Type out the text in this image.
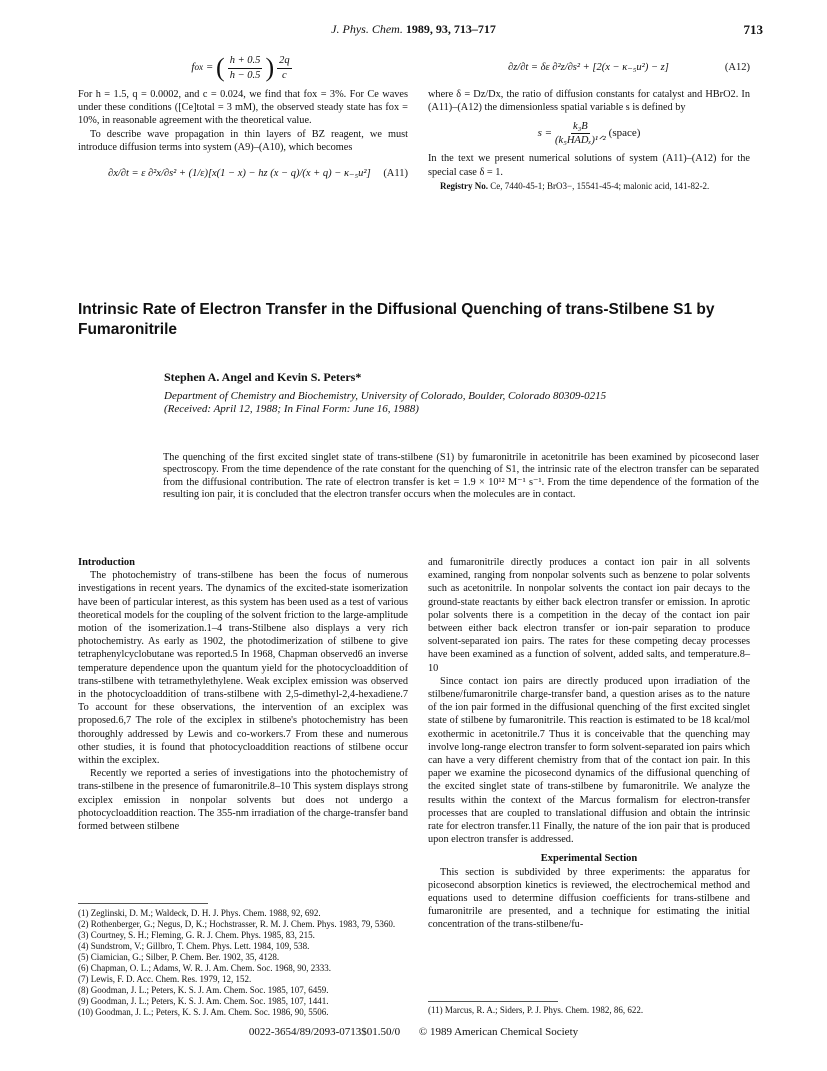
J. Phys. Chem. 1989, 93, 713–717	713
f ox = ( $\frac{h + 0.5}{h - 0.5}$ ) $\frac{2q}{c}$

For h = 1.5, q = 0.0002, and c = 0.024, we find that fox = 3%. For Ce waves under these conditions ([Ce]total = 3 mM), the observed steady state has fox = 10%, in reasonable agreement with the theoretical value.

To describe wave propagation in thin layers of BZ reagent, we must introduce diffusion terms into system (A9)–(A10), which becomes

∂x/∂t = ε ∂²x/∂s² + (1/ε)[x(1 − x) − hz (x − q)/(x + q) − κ₋₅u²] (A11)
∂z/∂t = δε ∂²z/∂s² + [2(x − κ₋₅u²) − z]	(A12)

where δ = Dz/Dx, the ratio of diffusion constants for catalyst and HBrO2. In (A11)–(A12) the dimensionless spatial variable s is defined by

$s = \frac{\text{k₃B}}{\text{(k₅HADₓ)¹ᐟ²}}$ (space)

In the text we present numerical solutions of system (A11)–(A12) for the special case δ = 1.

Registry No. Ce, 7440-45-1; BrO3−, 15541-45-4; malonic acid, 141-82-2.

Intrinsic Rate of Electron Transfer in the Diffusional Quenching of trans-Stilbene S1 by Fumaronitrile
Stephen A. Angel and Kevin S. Peters*
Department of Chemistry and Biochemistry, University of Colorado, Boulder, Colorado 80309-0215
(Received: April 12, 1988; In Final Form: June 16, 1988)
The quenching of the first excited singlet state of trans-stilbene (S1) by fumaronitrile in acetonitrile has been examined by picosecond laser spectroscopy. From the time dependence of the rate constant for the quenching of S1, the intrinsic rate of the electron transfer can be separated from the diffusional contribution. The rate of electron transfer is ket = 1.9 × 10¹² M⁻¹ s⁻¹. From the time dependence of the formation of the resulting ion pair, it is concluded that the electron transfer occurs when the molecules are in contact.

Introduction

The photochemistry of trans-stilbene has been the focus of numerous investigations in recent years. The dynamics of the excited-state isomerization have been of particular interest, as this system has been used as a test of various theoretical models for the coupling of the solvent friction to the large-amplitude motion of the isomerization.1–4 trans-Stilbene also displays a very rich photochemistry. As early as 1902, the photodimerization of stilbene to give tetraphenylcyclobutane was reported.5 In 1968, Chapman observed6 an inverse temperature dependence upon the quantum yield for the photocycloaddition of trans-stilbene with tetramethylethylene. Weak exciplex emission was observed in the photocycloaddition of trans-stilbene with 2,5-dimethyl-2,4-hexadiene.7 To account for these observations, the intervention of an exciplex was proposed.6,7 The role of the exciplex in stilbene's photochemistry has been thoroughly addressed by Lewis and co-workers.7 From these and numerous other studies, it is found that photocycloaddition reactions of stilbene occur within the exciplex.

Recently we reported a series of investigations into the photochemistry of trans-stilbene in the presence of fumaronitrile.8–10 This system displays strong exciplex emission in nonpolar solvents but does not undergo a photocycloaddition reaction. The 355-nm irradiation of the charge-transfer band formed between stilbene

(1) Zeglinski, D. M.; Waldeck, D. H. J. Phys. Chem. 1988, 92, 692.
(2) Rothenberger, G.; Negus, D, K.; Hochstrasser, R. M. J. Chem. Phys. 1983, 79, 5360.
(3) Courtney, S. H.; Fleming, G. R. J. Chem. Phys. 1985, 83, 215.
(4) Sundstrom, V.; Gillbro, T. Chem. Phys. Lett. 1984, 109, 538.
(5) Ciamician, G.; Silber, P. Chem. Ber. 1902, 35, 4128.
(6) Chapman, O. L.; Adams, W. R. J. Am. Chem. Soc. 1968, 90, 2333.
(7) Lewis, F. D. Acc. Chem. Res. 1979, 12, 152.
(8) Goodman, J. L.; Peters, K. S. J. Am. Chem. Soc. 1985, 107, 6459.
(9) Goodman, J. L.; Peters, K. S. J. Am. Chem. Soc. 1985, 107, 1441.
(10) Goodman, J. L.; Peters, K. S. J. Am. Chem. Soc. 1986, 90, 5506.

and fumaronitrile directly produces a contact ion pair in all solvents examined, ranging from nonpolar solvents such as benzene to polar solvents such as acetonitrile. In nonpolar solvents the contact ion pair decays to the ground-state reactants by either back electron transfer or emission. In aprotic polar solvents there is a competition in the decay of the contact ion pair between either back electron transfer or ion-pair separation to produce solvent-separated ion pairs. The rates for these competing decay processes have been examined as a function of solvent, added salts, and temperature.8–10

Since contact ion pairs are directly produced upon irradiation of the stilbene/fumaronitrile charge-transfer band, a question arises as to the nature of the ion pair formed in the diffusional quenching of the first excited singlet state of stilbene by fumaronitrile. This reaction is estimated to be 18 kcal/mol exothermic in acetonitrile.7 Thus it is conceivable that the quenching may involve long-range electron transfer to form solvent-separated ion pairs which can have a very different chemistry from that of the contact ion pair. In this paper we examine the picosecond dynamics of the diffusional quenching of the excited singlet state of trans-stilbene by fumaronitrile. We analyze the results within the context of the Marcus formalism for electron-transfer processes that are coupled to translational diffusion and obtain the intrinsic rate for electron transfer.11 Finally, the nature of the ion pair that is produced upon electron transfer is addressed.

Experimental Section

This section is subdivided by three experiments: the apparatus for picosecond absorption kinetics is reviewed, the electrochemical method and equations used to determine diffusion coefficients for trans-stilbene and fumaronitrile are presented, and a technique for estimating the initial concentration of the trans-stilbene/fu-

(11) Marcus, R. A.; Siders, P. J. Phys. Chem. 1982, 86, 622.
0022-3654/89/2093-0713$01.50/0 © 1989 American Chemical Society
